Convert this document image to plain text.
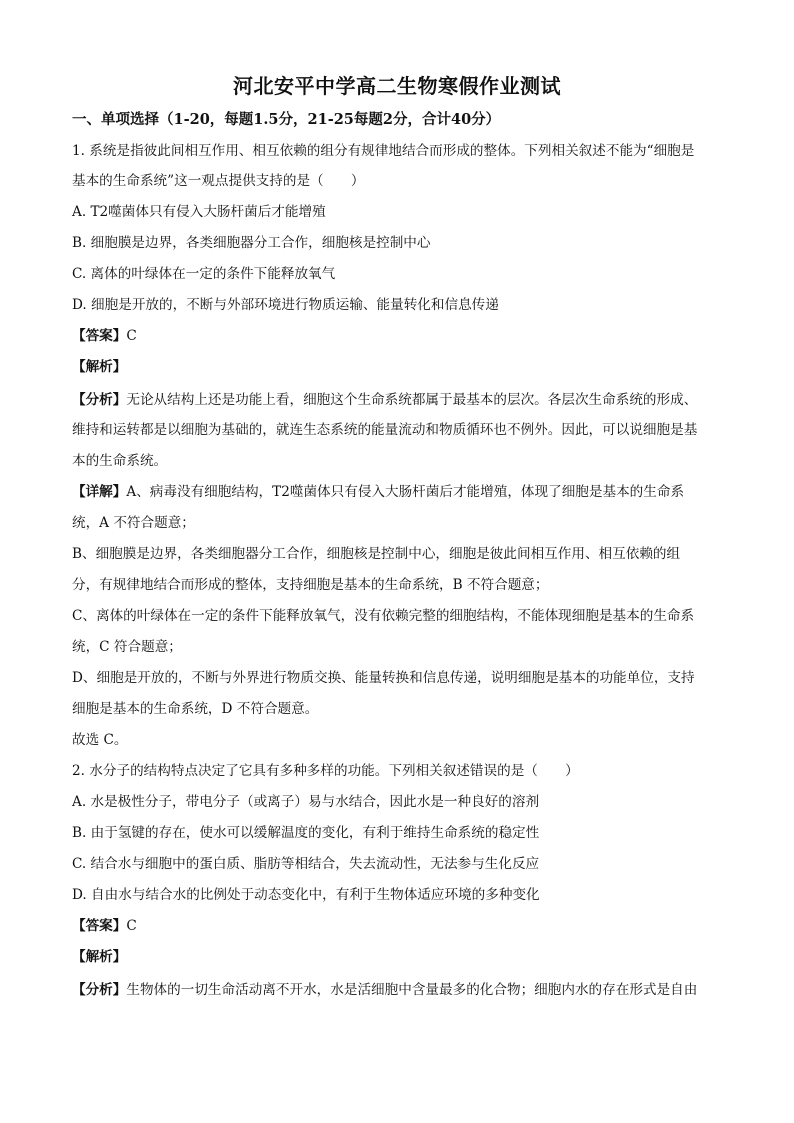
河北安平中学高二生物寒假作业测试
一、单项选择（1-20，每题1.5分，21-25每题2分，合计40分）
1. 系统是指彼此间相互作用、相互依赖的组分有规律地结合而形成的整体。下列相关叙述不能为“细胞是
基本的生命系统”这一观点提供支持的是（　　）
A. T2噬菌体只有侵入大肠杆菌后才能增殖
B. 细胞膜是边界，各类细胞器分工合作，细胞核是控制中心
C. 离体的叶绿体在一定的条件下能释放氧气
D. 细胞是开放的，不断与外部环境进行物质运输、能量转化和信息传递
【答案】C
【解析】
【分析】无论从结构上还是功能上看，细胞这个生命系统都属于最基本的层次。各层次生命系统的形成、
维持和运转都是以细胞为基础的，就连生态系统的能量流动和物质循环也不例外。因此，可以说细胞是基
本的生命系统。
【详解】A、病毒没有细胞结构，T2噬菌体只有侵入大肠杆菌后才能增殖，体现了细胞是基本的生命系
统，A 不符合题意；
B、细胞膜是边界，各类细胞器分工合作，细胞核是控制中心，细胞是彼此间相互作用、相互依赖的组
分，有规律地结合而形成的整体，支持细胞是基本的生命系统，B 不符合题意；
C、离体的叶绿体在一定的条件下能释放氧气，没有依赖完整的细胞结构，不能体现细胞是基本的生命系
统，C 符合题意；
D、细胞是开放的，不断与外界进行物质交换、能量转换和信息传递，说明细胞是基本的功能单位，支持
细胞是基本的生命系统，D 不符合题意。
故选 C。
2. 水分子的结构特点决定了它具有多种多样的功能。下列相关叙述错误的是（　　）
A. 水是极性分子，带电分子（或离子）易与水结合，因此水是一种良好的溶剂
B. 由于氢键的存在，使水可以缓解温度的变化，有利于维持生命系统的稳定性
C. 结合水与细胞中的蛋白质、脂肪等相结合，失去流动性，无法参与生化反应
D. 自由水与结合水的比例处于动态变化中，有利于生物体适应环境的多种变化
【答案】C
【解析】
【分析】生物体的一切生命活动离不开水，水是活细胞中含量最多的化合物；细胞内水的存在形式是自由
